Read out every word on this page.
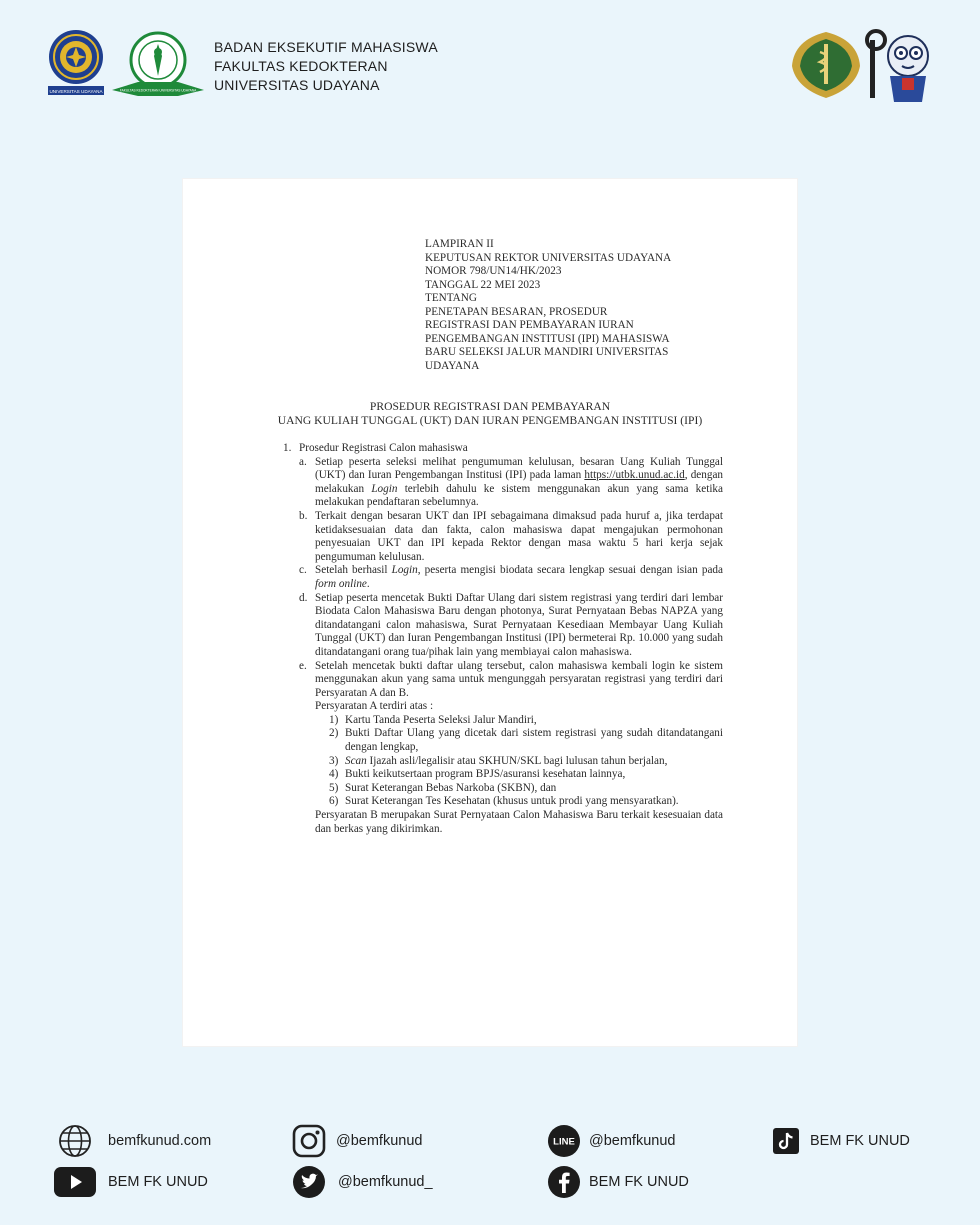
UNIVERSITAS UDAYANA	FAKULTAS KEDOKTERAN UNIVERSITAS UDAYANA
BADAN EKSEKUTIF MAHASISWA
FAKULTAS KEDOKTERAN
UNIVERSITAS UDAYANA
LAMPIRAN II
KEPUTUSAN REKTOR UNIVERSITAS UDAYANA
NOMOR 798/UN14/HK/2023
TANGGAL 22 MEI 2023
TENTANG
PENETAPAN BESARAN, PROSEDUR
REGISTRASI DAN PEMBAYARAN IURAN
PENGEMBANGAN INSTITUSI (IPI) MAHASISWA
BARU SELEKSI JALUR MANDIRI UNIVERSITAS
UDAYANA
PROSEDUR REGISTRASI DAN PEMBAYARAN
UANG KULIAH TUNGGAL (UKT) DAN IURAN PENGEMBANGAN INSTITUSI (IPI)
1. Prosedur Registrasi Calon mahasiswa
a. Setiap peserta seleksi melihat pengumuman kelulusan, besaran Uang Kuliah Tunggal (UKT) dan Iuran Pengembangan Institusi (IPI) pada laman https://utbk.unud.ac.id, dengan melakukan Login terlebih dahulu ke sistem menggunakan akun yang sama ketika melakukan pendaftaran sebelumnya.
b. Terkait dengan besaran UKT dan IPI sebagaimana dimaksud pada huruf a, jika terdapat ketidaksesuaian data dan fakta, calon mahasiswa dapat mengajukan permohonan penyesuaian UKT dan IPI kepada Rektor dengan masa waktu 5 hari kerja sejak pengumuman kelulusan.
c. Setelah berhasil Login, peserta mengisi biodata secara lengkap sesuai dengan isian pada form online.
d. Setiap peserta mencetak Bukti Daftar Ulang dari sistem registrasi yang terdiri dari lembar Biodata Calon Mahasiswa Baru dengan photonya, Surat Pernyataan Bebas NAPZA yang ditandatangani calon mahasiswa, Surat Pernyataan Kesediaan Membayar Uang Kuliah Tunggal (UKT) dan Iuran Pengembangan Institusi (IPI) bermeterai Rp. 10.000 yang sudah ditandatangani orang tua/pihak lain yang membiayai calon mahasiswa.
e. Setelah mencetak bukti daftar ulang tersebut, calon mahasiswa kembali login ke sistem menggunakan akun yang sama untuk mengunggah persyaratan registrasi yang terdiri dari Persyaratan A dan B.
Persyaratan A terdiri atas :
1) Kartu Tanda Peserta Seleksi Jalur Mandiri,
2) Bukti Daftar Ulang yang dicetak dari sistem registrasi yang sudah ditandatangani dengan lengkap,
3) Scan Ijazah asli/legalisir atau SKHUN/SKL bagi lulusan tahun berjalan,
4) Bukti keikutsertaan program BPJS/asuransi kesehatan lainnya,
5) Surat Keterangan Bebas Narkoba (SKBN), dan
6) Surat Keterangan Tes Kesehatan (khusus untuk prodi yang mensyaratkan).
Persyaratan B merupakan Surat Pernyataan Calon Mahasiswa Baru terkait kesesuaian data dan berkas yang dikirimkan.
bemfkunud.com	@bemfkunud	LINE @bemfkunud	BEM FK UNUD
BEM FK UNUD	@bemfkunud_	BEM FK UNUD
